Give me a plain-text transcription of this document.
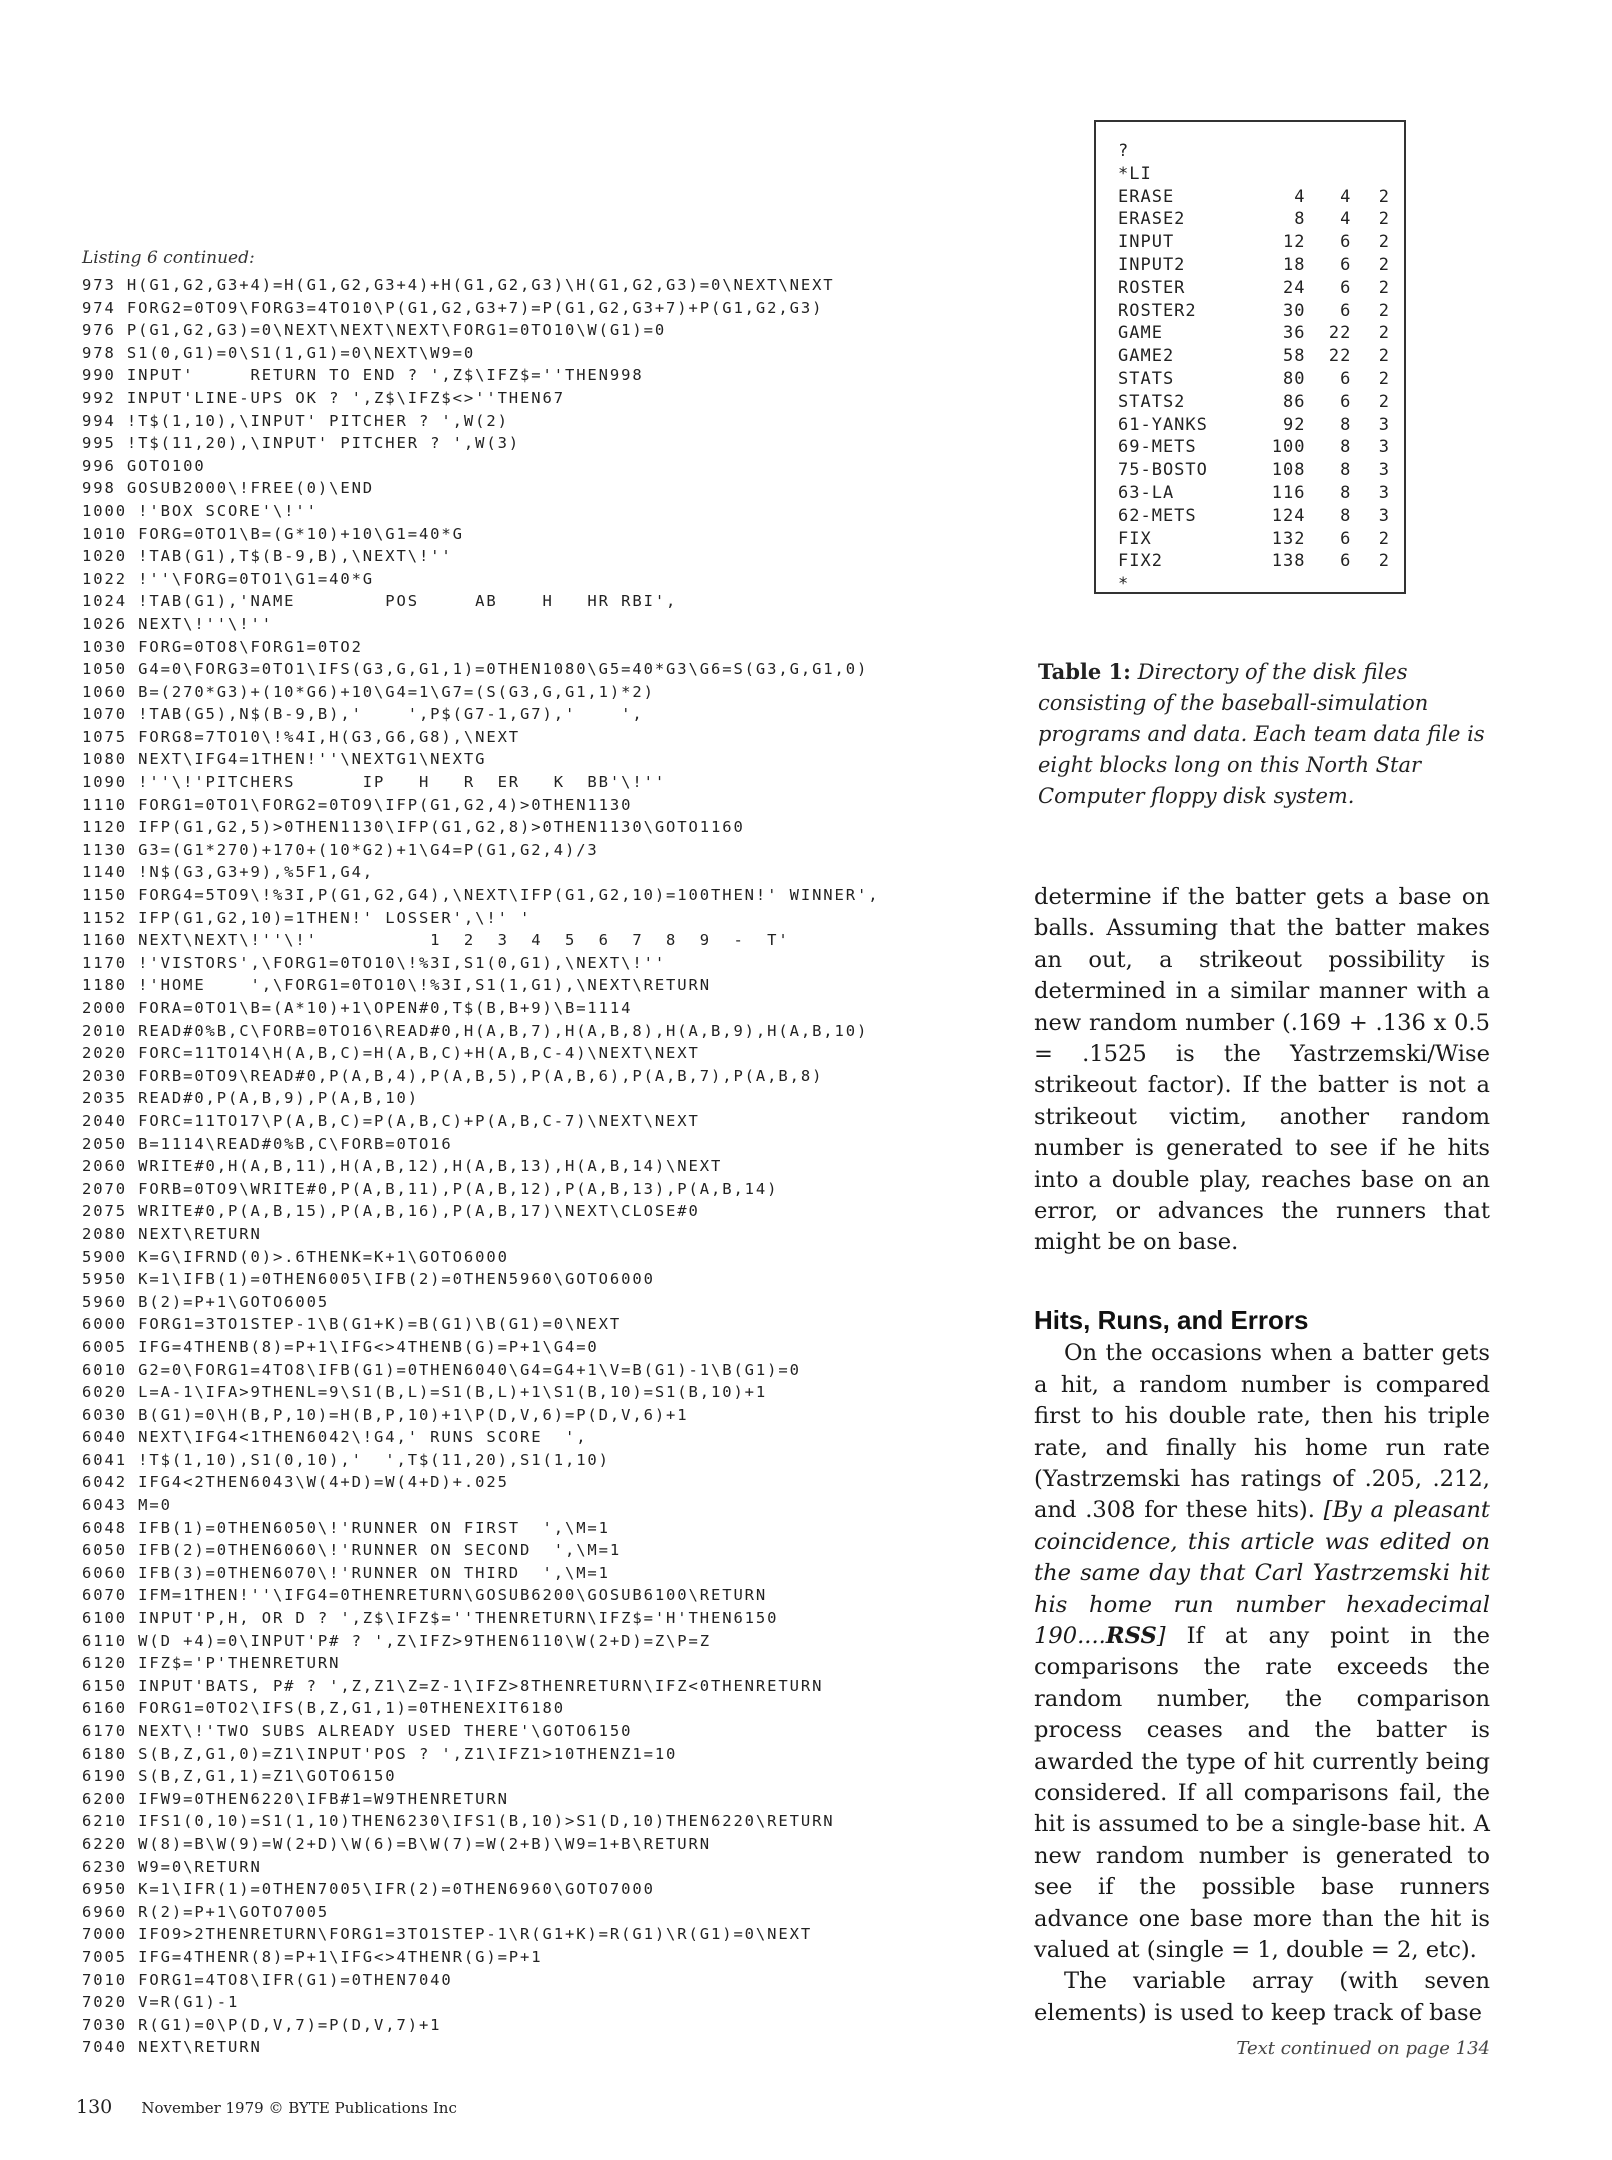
Listing 6 continued:
973 H(G1,G2,G3+4)=H(G1,G2,G3+4)+H(G1,G2,G3)\H(G1,G2,G3)=0\NEXT\NEXT
974 FORG2=0TO9\FORG3=4TO10\P(G1,G2,G3+7)=P(G1,G2,G3+7)+P(G1,G2,G3)
976 P(G1,G2,G3)=0\NEXT\NEXT\NEXT\FORG1=0TO10\W(G1)=0
978 S1(0,G1)=0\S1(1,G1)=0\NEXT\W9=0
990 INPUT'     RETURN TO END ? ',Z$\IFZ$=''THEN998
992 INPUT'LINE-UPS OK ? ',Z$\IFZ$<>''THEN67
994 !T$(1,10),\INPUT' PITCHER ? ',W(2)
995 !T$(11,20),\INPUT' PITCHER ? ',W(3)
996 GOTO100
998 GOSUB2000\!FREE(0)\END
1000 !'BOX SCORE'\!''
1010 FORG=0TO1\B=(G*10)+10\G1=40*G
1020 !TAB(G1),T$(B-9,B),\NEXT\!''
1022 !''\FORG=0TO1\G1=40*G
1024 !TAB(G1),'NAME        POS     AB    H   HR RBI',
1026 NEXT\!''\!''
1030 FORG=0TO8\FORG1=0TO2
1050 G4=0\FORG3=0TO1\IFS(G3,G,G1,1)=0THEN1080\G5=40*G3\G6=S(G3,G,G1,0)
1060 B=(270*G3)+(10*G6)+10\G4=1\G7=(S(G3,G,G1,1)*2)
1070 !TAB(G5),N$(B-9,B),'    ',P$(G7-1,G7),'    ',
1075 FORG8=7TO10\!%4I,H(G3,G6,G8),\NEXT
1080 NEXT\IFG4=1THEN!''\NEXTG1\NEXTG
1090 !''\!'PITCHERS      IP   H   R  ER   K  BB'\!''
1110 FORG1=0TO1\FORG2=0TO9\IFP(G1,G2,4)>0THEN1130
1120 IFP(G1,G2,5)>0THEN1130\IFP(G1,G2,8)>0THEN1130\GOTO1160
1130 G3=(G1*270)+170+(10*G2)+1\G4=P(G1,G2,4)/3
1140 !N$(G3,G3+9),%5F1,G4,
1150 FORG4=5TO9\!%3I,P(G1,G2,G4),\NEXT\IFP(G1,G2,10)=100THEN!' WINNER',
1152 IFP(G1,G2,10)=1THEN!' LOSSER',\!' '
1160 NEXT\NEXT\!''\!'          1  2  3  4  5  6  7  8  9  -  T'
1170 !'VISTORS',\FORG1=0TO10\!%3I,S1(0,G1),\NEXT\!''
1180 !'HOME    ',\FORG1=0TO10\!%3I,S1(1,G1),\NEXT\RETURN
2000 FORA=0TO1\B=(A*10)+1\OPEN#0,T$(B,B+9)\B=1114
2010 READ#0%B,C\FORB=0TO16\READ#0,H(A,B,7),H(A,B,8),H(A,B,9),H(A,B,10)
2020 FORC=11TO14\H(A,B,C)=H(A,B,C)+H(A,B,C-4)\NEXT\NEXT
2030 FORB=0TO9\READ#0,P(A,B,4),P(A,B,5),P(A,B,6),P(A,B,7),P(A,B,8)
2035 READ#0,P(A,B,9),P(A,B,10)
2040 FORC=11TO17\P(A,B,C)=P(A,B,C)+P(A,B,C-7)\NEXT\NEXT
2050 B=1114\READ#0%B,C\FORB=0TO16
2060 WRITE#0,H(A,B,11),H(A,B,12),H(A,B,13),H(A,B,14)\NEXT
2070 FORB=0TO9\WRITE#0,P(A,B,11),P(A,B,12),P(A,B,13),P(A,B,14)
2075 WRITE#0,P(A,B,15),P(A,B,16),P(A,B,17)\NEXT\CLOSE#0
2080 NEXT\RETURN
5900 K=G\IFRND(0)>.6THENK=K+1\GOTO6000
5950 K=1\IFB(1)=0THEN6005\IFB(2)=0THEN5960\GOTO6000
5960 B(2)=P+1\GOTO6005
6000 FORG1=3TO1STEP-1\B(G1+K)=B(G1)\B(G1)=0\NEXT
6005 IFG=4THENB(8)=P+1\IFG<>4THENB(G)=P+1\G4=0
6010 G2=0\FORG1=4TO8\IFB(G1)=0THEN6040\G4=G4+1\V=B(G1)-1\B(G1)=0
6020 L=A-1\IFA>9THENL=9\S1(B,L)=S1(B,L)+1\S1(B,10)=S1(B,10)+1
6030 B(G1)=0\H(B,P,10)=H(B,P,10)+1\P(D,V,6)=P(D,V,6)+1
6040 NEXT\IFG4<1THEN6042\!G4,' RUNS SCORE  ',
6041 !T$(1,10),S1(0,10),'  ',T$(11,20),S1(1,10)
6042 IFG4<2THEN6043\W(4+D)=W(4+D)+.025
6043 M=0
6048 IFB(1)=0THEN6050\!'RUNNER ON FIRST  ',\M=1
6050 IFB(2)=0THEN6060\!'RUNNER ON SECOND  ',\M=1
6060 IFB(3)=0THEN6070\!'RUNNER ON THIRD  ',\M=1
6070 IFM=1THEN!''\IFG4=0THENRETURN\GOSUB6200\GOSUB6100\RETURN
6100 INPUT'P,H, OR D ? ',Z$\IFZ$=''THENRETURN\IFZ$='H'THEN6150
6110 W(D +4)=0\INPUT'P# ? ',Z\IFZ>9THEN6110\W(2+D)=Z\P=Z
6120 IFZ$='P'THENRETURN
6150 INPUT'BATS, P# ? ',Z,Z1\Z=Z-1\IFZ>8THENRETURN\IFZ<0THENRETURN
6160 FORG1=0TO2\IFS(B,Z,G1,1)=0THENEXIT6180
6170 NEXT\!'TWO SUBS ALREADY USED THERE'\GOTO6150
6180 S(B,Z,G1,0)=Z1\INPUT'POS ? ',Z1\IFZ1>10THENZ1=10
6190 S(B,Z,G1,1)=Z1\GOTO6150
6200 IFW9=0THEN6220\IFB#1=W9THENRETURN
6210 IFS1(0,10)=S1(1,10)THEN6230\IFS1(B,10)>S1(D,10)THEN6220\RETURN
6220 W(8)=B\W(9)=W(2+D)\W(6)=B\W(7)=W(2+B)\W9=1+B\RETURN
6230 W9=0\RETURN
6950 K=1\IFR(1)=0THEN7005\IFR(2)=0THEN6960\GOTO7000
6960 R(2)=P+1\GOTO7005
7000 IFO9>2THENRETURN\FORG1=3TO1STEP-1\R(G1+K)=R(G1)\R(G1)=0\NEXT
7005 IFG=4THENR(8)=P+1\IFG<>4THENR(G)=P+1
7010 FORG1=4TO8\IFR(G1)=0THEN7040
7020 V=R(G1)-1
7030 R(G1)=0\P(D,V,7)=P(D,V,7)+1
7040 NEXT\RETURN
?
*LI
ERASE	4	4	2
ERASE2	8	4	2
INPUT	12	6	2
INPUT2	18	6	2
ROSTER	24	6	2
ROSTER2	30	6	2
GAME	36	22	2
GAME2	58	22	2
STATS	80	6	2
STATS2	86	6	2
61-YANKS	92	8	3
69-METS	100	8	3
75-BOSTO	108	8	3
63-LA	116	8	3
62-METS	124	8	3
FIX	132	6	2
FIX2	138	6	2
*
Table 1: Directory of the disk files consisting of the baseball-simulation programs and data. Each team data file is eight blocks long on this North Star Computer floppy disk system.

determine if the batter gets a base on balls. Assuming that the batter makes an out, a strikeout possibility is determined in a similar manner with a new random number (.169 + .136 x 0.5 = .1525 is the Yastrzemski/Wise strikeout factor). If the batter is not a strikeout victim, another random number is generated to see if he hits into a double play, reaches base on an error, or advances the runners that might be on base.

Hits, Runs, and Errors

On the occasions when a batter gets a hit, a random number is compared first to his double rate, then his triple rate, and finally his home run rate (Yastrzemski has ratings of .205, .212, and .308 for these hits). [By a pleasant coincidence, this article was edited on the same day that Carl Yastrzemski hit his home run number hexadecimal 190....RSS] If at any point in the comparisons the rate exceeds the random number, the comparison process ceases and the batter is awarded the type of hit currently being considered. If all comparisons fail, the hit is assumed to be a single-base hit. A new random number is generated to see if the possible base runners advance one base more than the hit is valued at (single = 1, double = 2, etc).

The variable array (with seven elements) is used to keep track of base

Text continued on page 134
130 November 1979 © BYTE Publications Inc
